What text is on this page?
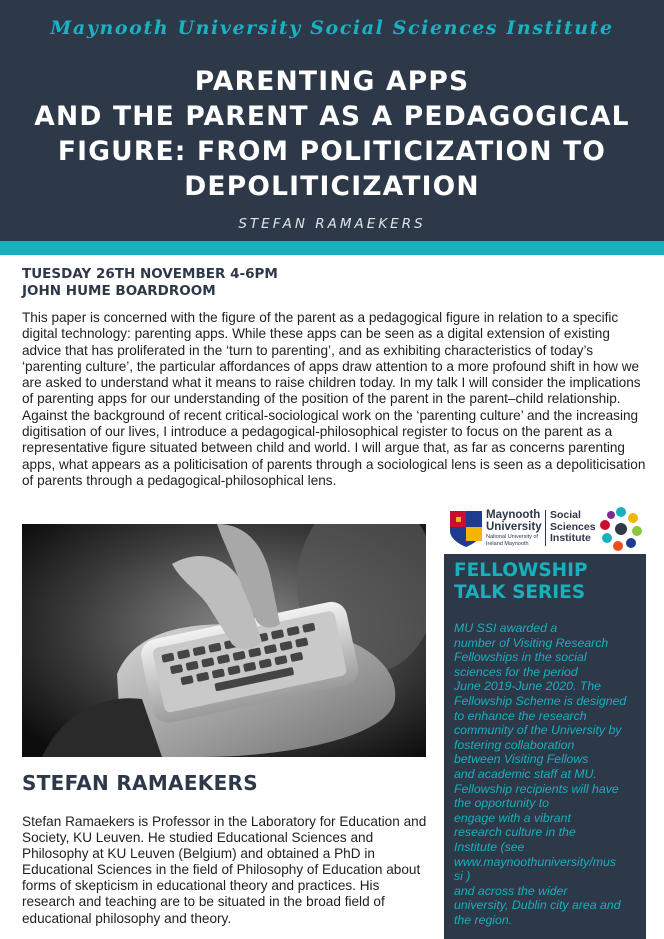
Maynooth University Social Sciences Institute
PARENTING APPS
AND THE PARENT AS A PEDAGOGICAL
FIGURE: FROM POLITICIZATION TO
DEPOLITICIZATION
STEFAN RAMAEKERS
TUESDAY 26TH NOVEMBER 4-6PM
JOHN HUME BOARDROOM
This paper is concerned with the figure of the parent as a pedagogical figure in relation to a specific digital technology: parenting apps. While these apps can be seen as a digital extension of existing advice that has proliferated in the ‘turn to parenting’, and as exhibiting characteristics of today’s ‘parenting culture’, the particular affordances of apps draw attention to a more profound shift in how we are asked to understand what it means to raise children today. In my talk I will consider the implications of parenting apps for our understanding of the position of the parent in the parent–child relationship. Against the background of recent critical-sociological work on the ‘parenting culture’ and the increasing digitisation of our lives, I introduce a pedagogical-philosophical register to focus on the parent as a representative figure situated between child and world. I will argue that, as far as concerns parenting apps, what appears as a politicisation of parents through a sociological lens is seen as a depoliticisation of parents through a pedagogical-philosophical lens.
STEFAN RAMAEKERS
Stefan Ramaekers is Professor in the Laboratory for Education and Society, KU Leuven. He studied Educational Sciences and Philosophy at KU Leuven (Belgium) and obtained a PhD in Educational Sciences in the field of Philosophy of Education about forms of skepticism in educational theory and practices. His research and teaching are to be situated in the broad field of educational philosophy and theory.
Maynooth University
National University of Ireland Maynooth
Social Sciences Institute
FELLOWSHIP
TALK SERIES
MU SSI awarded a
number of Visiting Research
Fellowships in the social
sciences for the period
June 2019-June 2020. The
Fellowship Scheme is designed
to enhance the research
community of the University by
fostering collaboration
between Visiting Fellows
and academic staff at MU.
Fellowship recipients will have
the opportunity to
engage with a vibrant
research culture in the
Institute (see
www.maynoothuniversity/mus
si )
and across the wider
university, Dublin city area and
the region.
